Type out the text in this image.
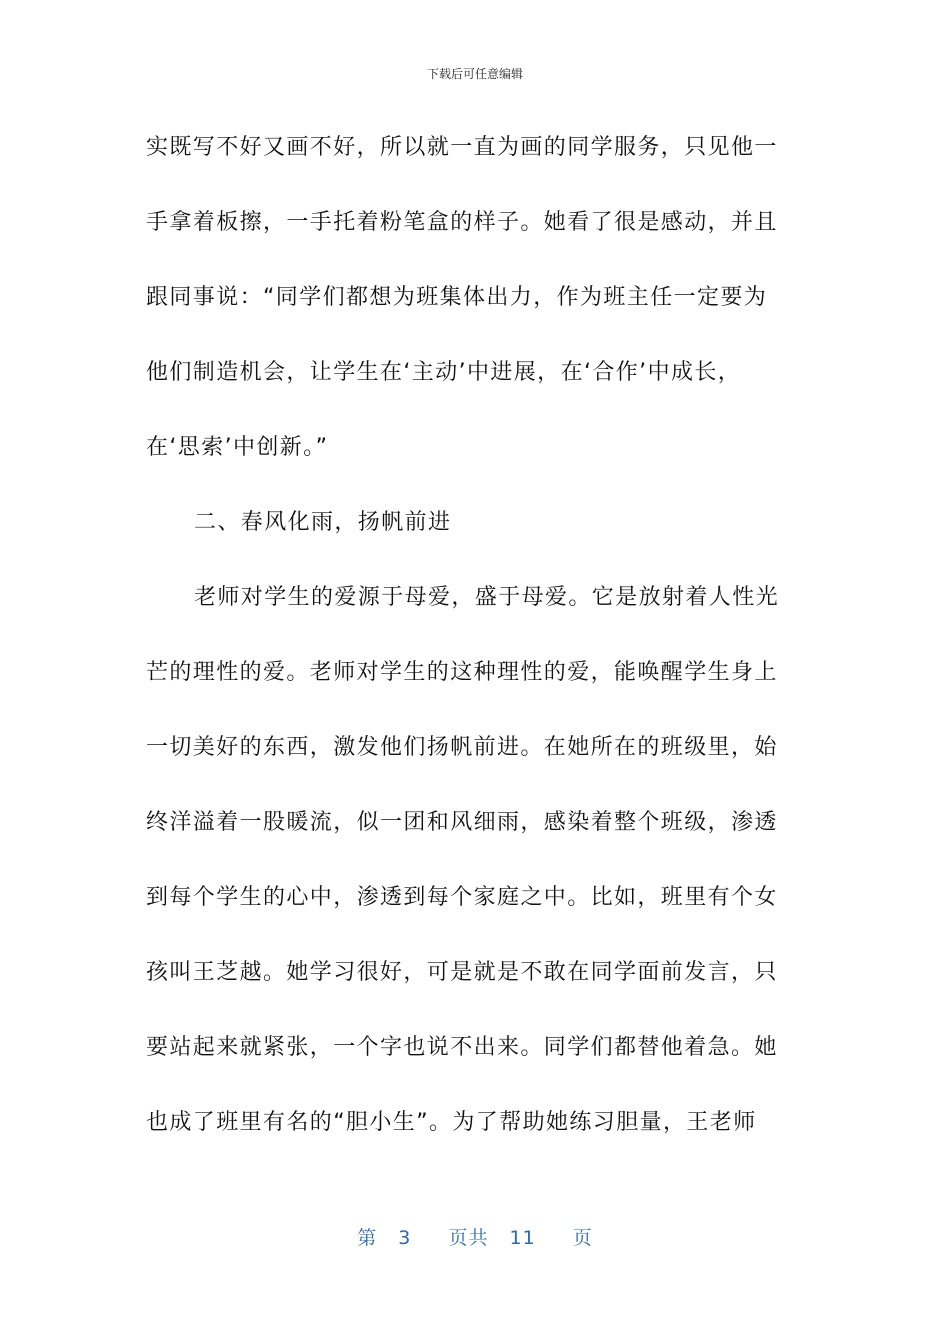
下载后可任意编辑
实既写不好又画不好，所以就一直为画的同学服务，只见他一
手拿着板擦，一手托着粉笔盒的样子。她看了很是感动，并且
跟同事说：“同学们都想为班集体出力，作为班主任一定要为
他们制造机会，让学生在‘主动’中进展，在‘合作’中成长，
在‘思索’中创新。”
二、春风化雨，扬帆前进
老师对学生的爱源于母爱，盛于母爱。它是放射着人性光
芒的理性的爱。老师对学生的这种理性的爱，能唤醒学生身上
一切美好的东西，激发他们扬帆前进。在她所在的班级里，始
终洋溢着一股暖流，似一团和风细雨，感染着整个班级，渗透
到每个学生的心中，渗透到每个家庭之中。比如，班里有个女
孩叫王芝越。她学习很好，可是就是不敢在同学面前发言，只
要站起来就紧张，一个字也说不出来。同学们都替他着急。她
也成了班里有名的“胆小生”。为了帮助她练习胆量，王老师
第 3 页共 11 页
